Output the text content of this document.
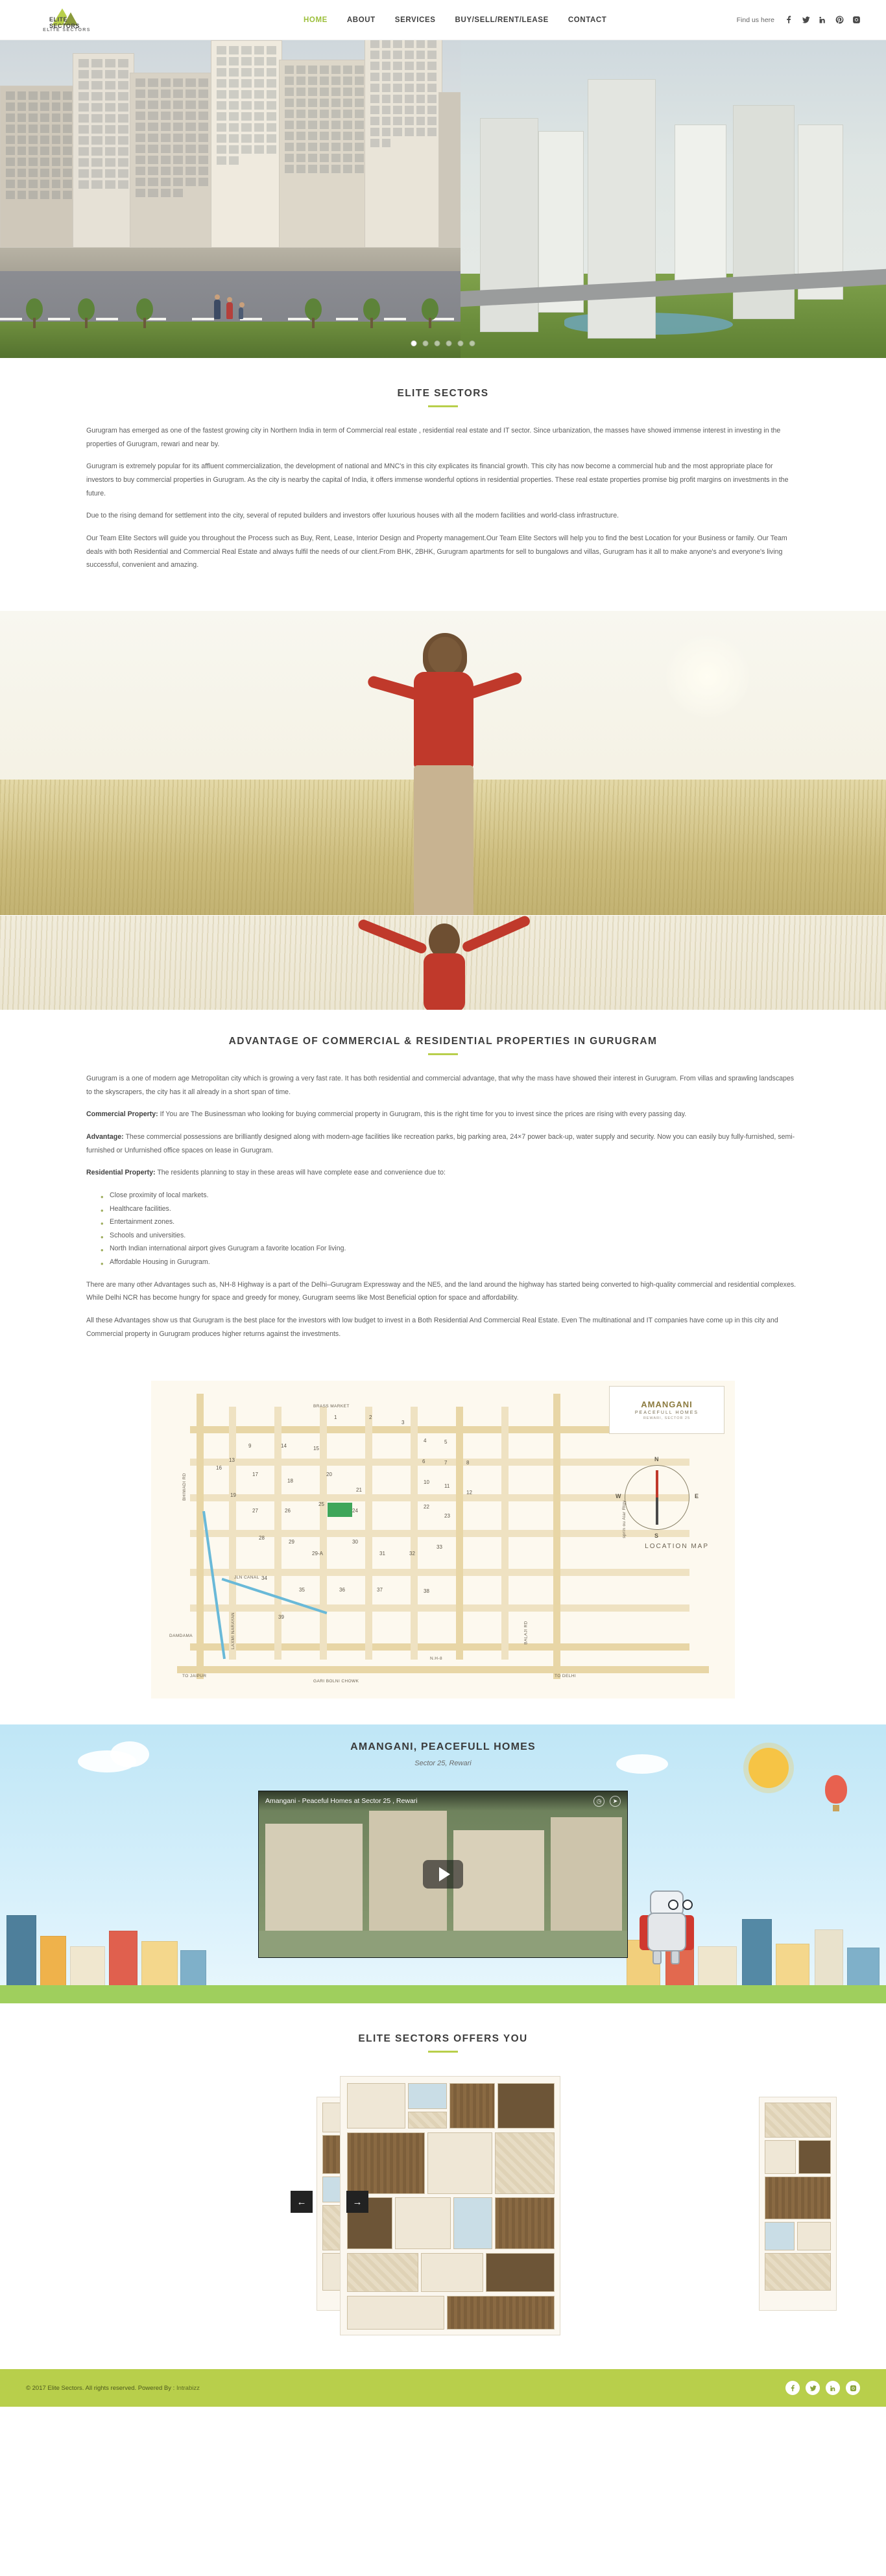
ELITE SECTORS
ELITE SECTORS
HOME	ABOUT	SERVICES	BUY/SELL/RENT/LEASE	CONTACT	Find us here
ELITE SECTORS

Gurugram has emerged as one of the fastest growing city in Northern India in term of Commercial real estate , residential real estate and IT sector. Since urbanization, the masses have showed immense interest in investing in the properties of Gurugram, rewari and near by.

Gurugram is extremely popular for its affluent commercialization, the development of national and MNC's in this city explicates its financial growth. This city has now become a commercial hub and the most appropriate place for investors to buy commercial properties in Gurugram. As the city is nearby the capital of India, it offers immense wonderful options in residential properties. These real estate properties promise big profit margins on investments in the future.

Due to the rising demand for settlement into the city, several of reputed builders and investors offer luxurious houses with all the modern facilities and world-class infrastructure.

Our Team Elite Sectors will guide you throughout the Process such as Buy, Rent, Lease, Interior Design and Property management.Our Team Elite Sectors will help you to find the best Location for your Business or family. Our Team deals with both Residential and Commercial Real Estate and always fulfil the needs of our client.From BHK, 2BHK, Gurugram apartments for sell to bungalows and villas, Gurugram has it all to make anyone's and everyone's living successful, convenient and amazing.

ADVANTAGE OF COMMERCIAL & RESIDENTIAL PROPERTIES IN GURUGRAM

Gurugram is a one of modern age Metropolitan city which is growing a very fast rate. It has both residential and commercial advantage, that why the mass have showed their interest in Gurugram. From villas and sprawling landscapes to the skyscrapers, the city has it all already in a short span of time.

Commercial Property: If You are The Businessman who looking for buying commercial property in Gurugram, this is the right time for you to invest since the prices are rising with every passing day.

Advantage: These commercial possessions are brilliantly designed along with modern-age facilities like recreation parks, big parking area, 24×7 power back-up, water supply and security. Now you can easily buy fully-furnished, semi-furnished or Unfurnished office spaces on lease in Gurugram.

Residential Property: The residents planning to stay in these areas will have complete ease and convenience due to:

• Close proximity of local markets.
• Healthcare facilities.
• Entertainment zones.
• Schools and universities.
• North Indian international airport gives Gurugram a favorite location For living.
• Affordable Housing in Gurugram.

There are many other Advantages such as, NH-8 Highway is a part of the Delhi–Gurugram Expressway and the NE5, and the land around the highway has started being converted to high-quality commercial and residential complexes. While Delhi NCR has become hungry for space and greedy for money, Gurugram seems like Most Beneficial option for space and affordability.

All these Advantages show us that Gurugram is the best place for the investors with low budget to invest in a Both Residential And Commercial Real Estate. Even The multinational and IT companies have come up in this city and Commercial property in Gurugram produces higher returns against the investments.

AMANGANI
PEACEFULL HOMES
REWARI, SECTOR 25
N
S
E
W
LOCATION MAP
BRASS MARKET
BHIWADI RD
JLN CANAL
DAMDAMA	LAXMI NARAYAN
TO JAIPUR
GARI BOLNI CHOWK
TO DELHI
BALAJI RD
N.H-8
sprin ou Aiar Rtgy
1	2
3
4	5
6	7	8
9
10
11
12
13
14	15
16
17
18
19
20
21
22
23
24
25
26
27
28
29
29-A
30
31	32
33
34
35	36	37	38
39
AMANGANI, PEACEFULL HOMES
Sector 25, Rewari
Amangani - Peaceful Homes at Sector 25 , Rewari	◷	➤
ELITE SECTORS OFFERS YOU
←	→
© 2017 Elite Sectors. All rights reserved. Powered By : Intrabizz
